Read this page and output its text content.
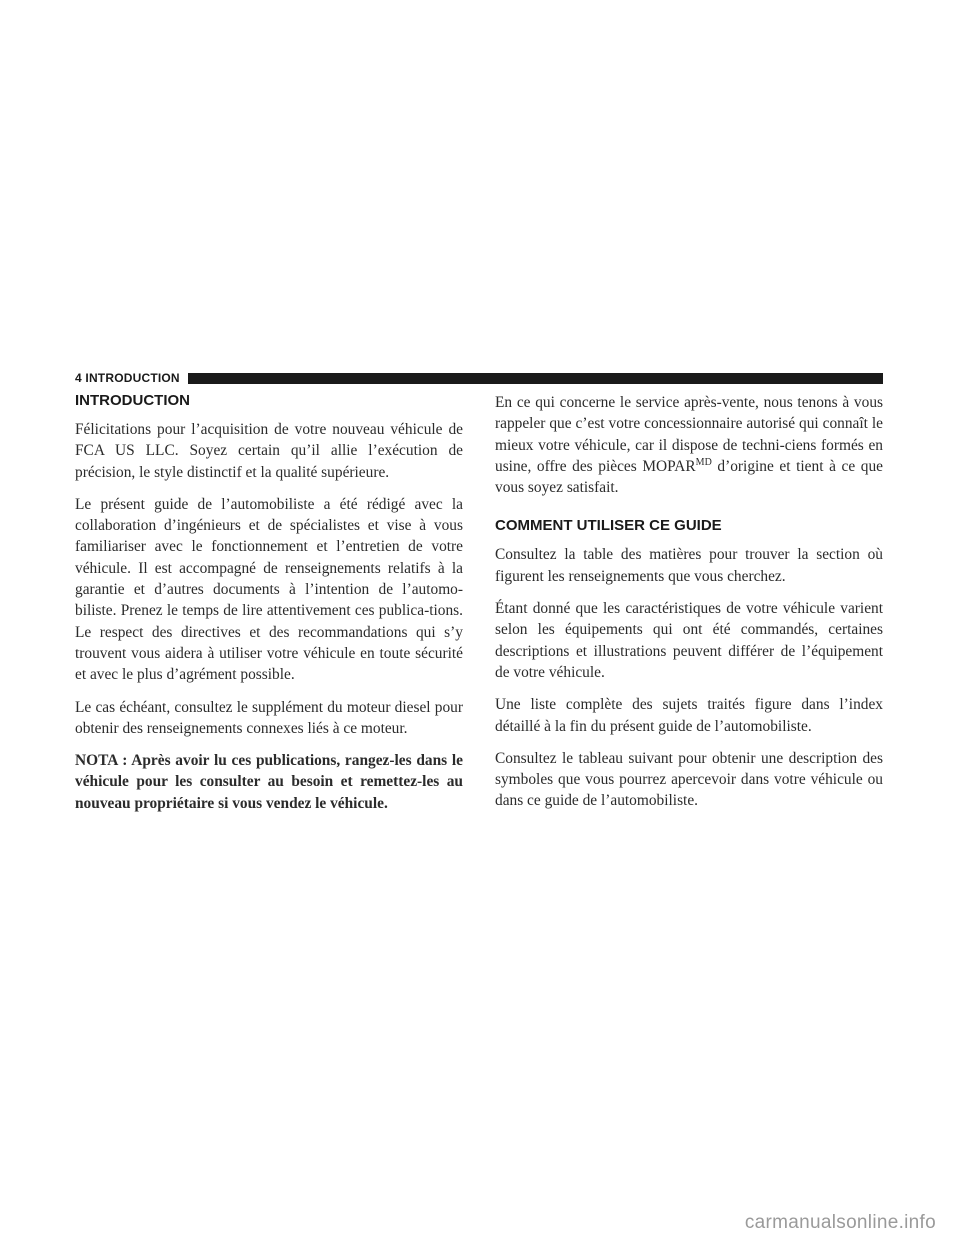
4 INTRODUCTION
INTRODUCTION

Félicitations pour l’acquisition de votre nouveau véhicule de FCA US LLC. Soyez certain qu’il allie l’exécution de précision, le style distinctif et la qualité supérieure.

Le présent guide de l’automobiliste a été rédigé avec la collaboration d’ingénieurs et de spécialistes et vise à vous familiariser avec le fonctionnement et l’entretien de votre véhicule. Il est accompagné de renseignements relatifs à la garantie et d’autres documents à l’intention de l’automo-biliste. Prenez le temps de lire attentivement ces publica-tions. Le respect des directives et des recommandations qui s’y trouvent vous aidera à utiliser votre véhicule en toute sécurité et avec le plus d’agrément possible.

Le cas échéant, consultez le supplément du moteur diesel pour obtenir des renseignements connexes liés à ce moteur.

NOTA : Après avoir lu ces publications, rangez-les dans le véhicule pour les consulter au besoin et remettez-les au nouveau propriétaire si vous vendez le véhicule.

En ce qui concerne le service après-vente, nous tenons à vous rappeler que c’est votre concessionnaire autorisé qui connaît le mieux votre véhicule, car il dispose de techni-ciens formés en usine, offre des pièces $MOPAR^{MD}$ d’origine et tient à ce que vous soyez satisfait.

COMMENT UTILISER CE GUIDE

Consultez la table des matières pour trouver la section où figurent les renseignements que vous cherchez.

Étant donné que les caractéristiques de votre véhicule varient selon les équipements qui ont été commandés, certaines descriptions et illustrations peuvent différer de l’équipement de votre véhicule.

Une liste complète des sujets traités figure dans l’index détaillé à la fin du présent guide de l’automobiliste.

Consultez le tableau suivant pour obtenir une description des symboles que vous pourrez apercevoir dans votre véhicule ou dans ce guide de l’automobiliste.

carmanualsonline.info
